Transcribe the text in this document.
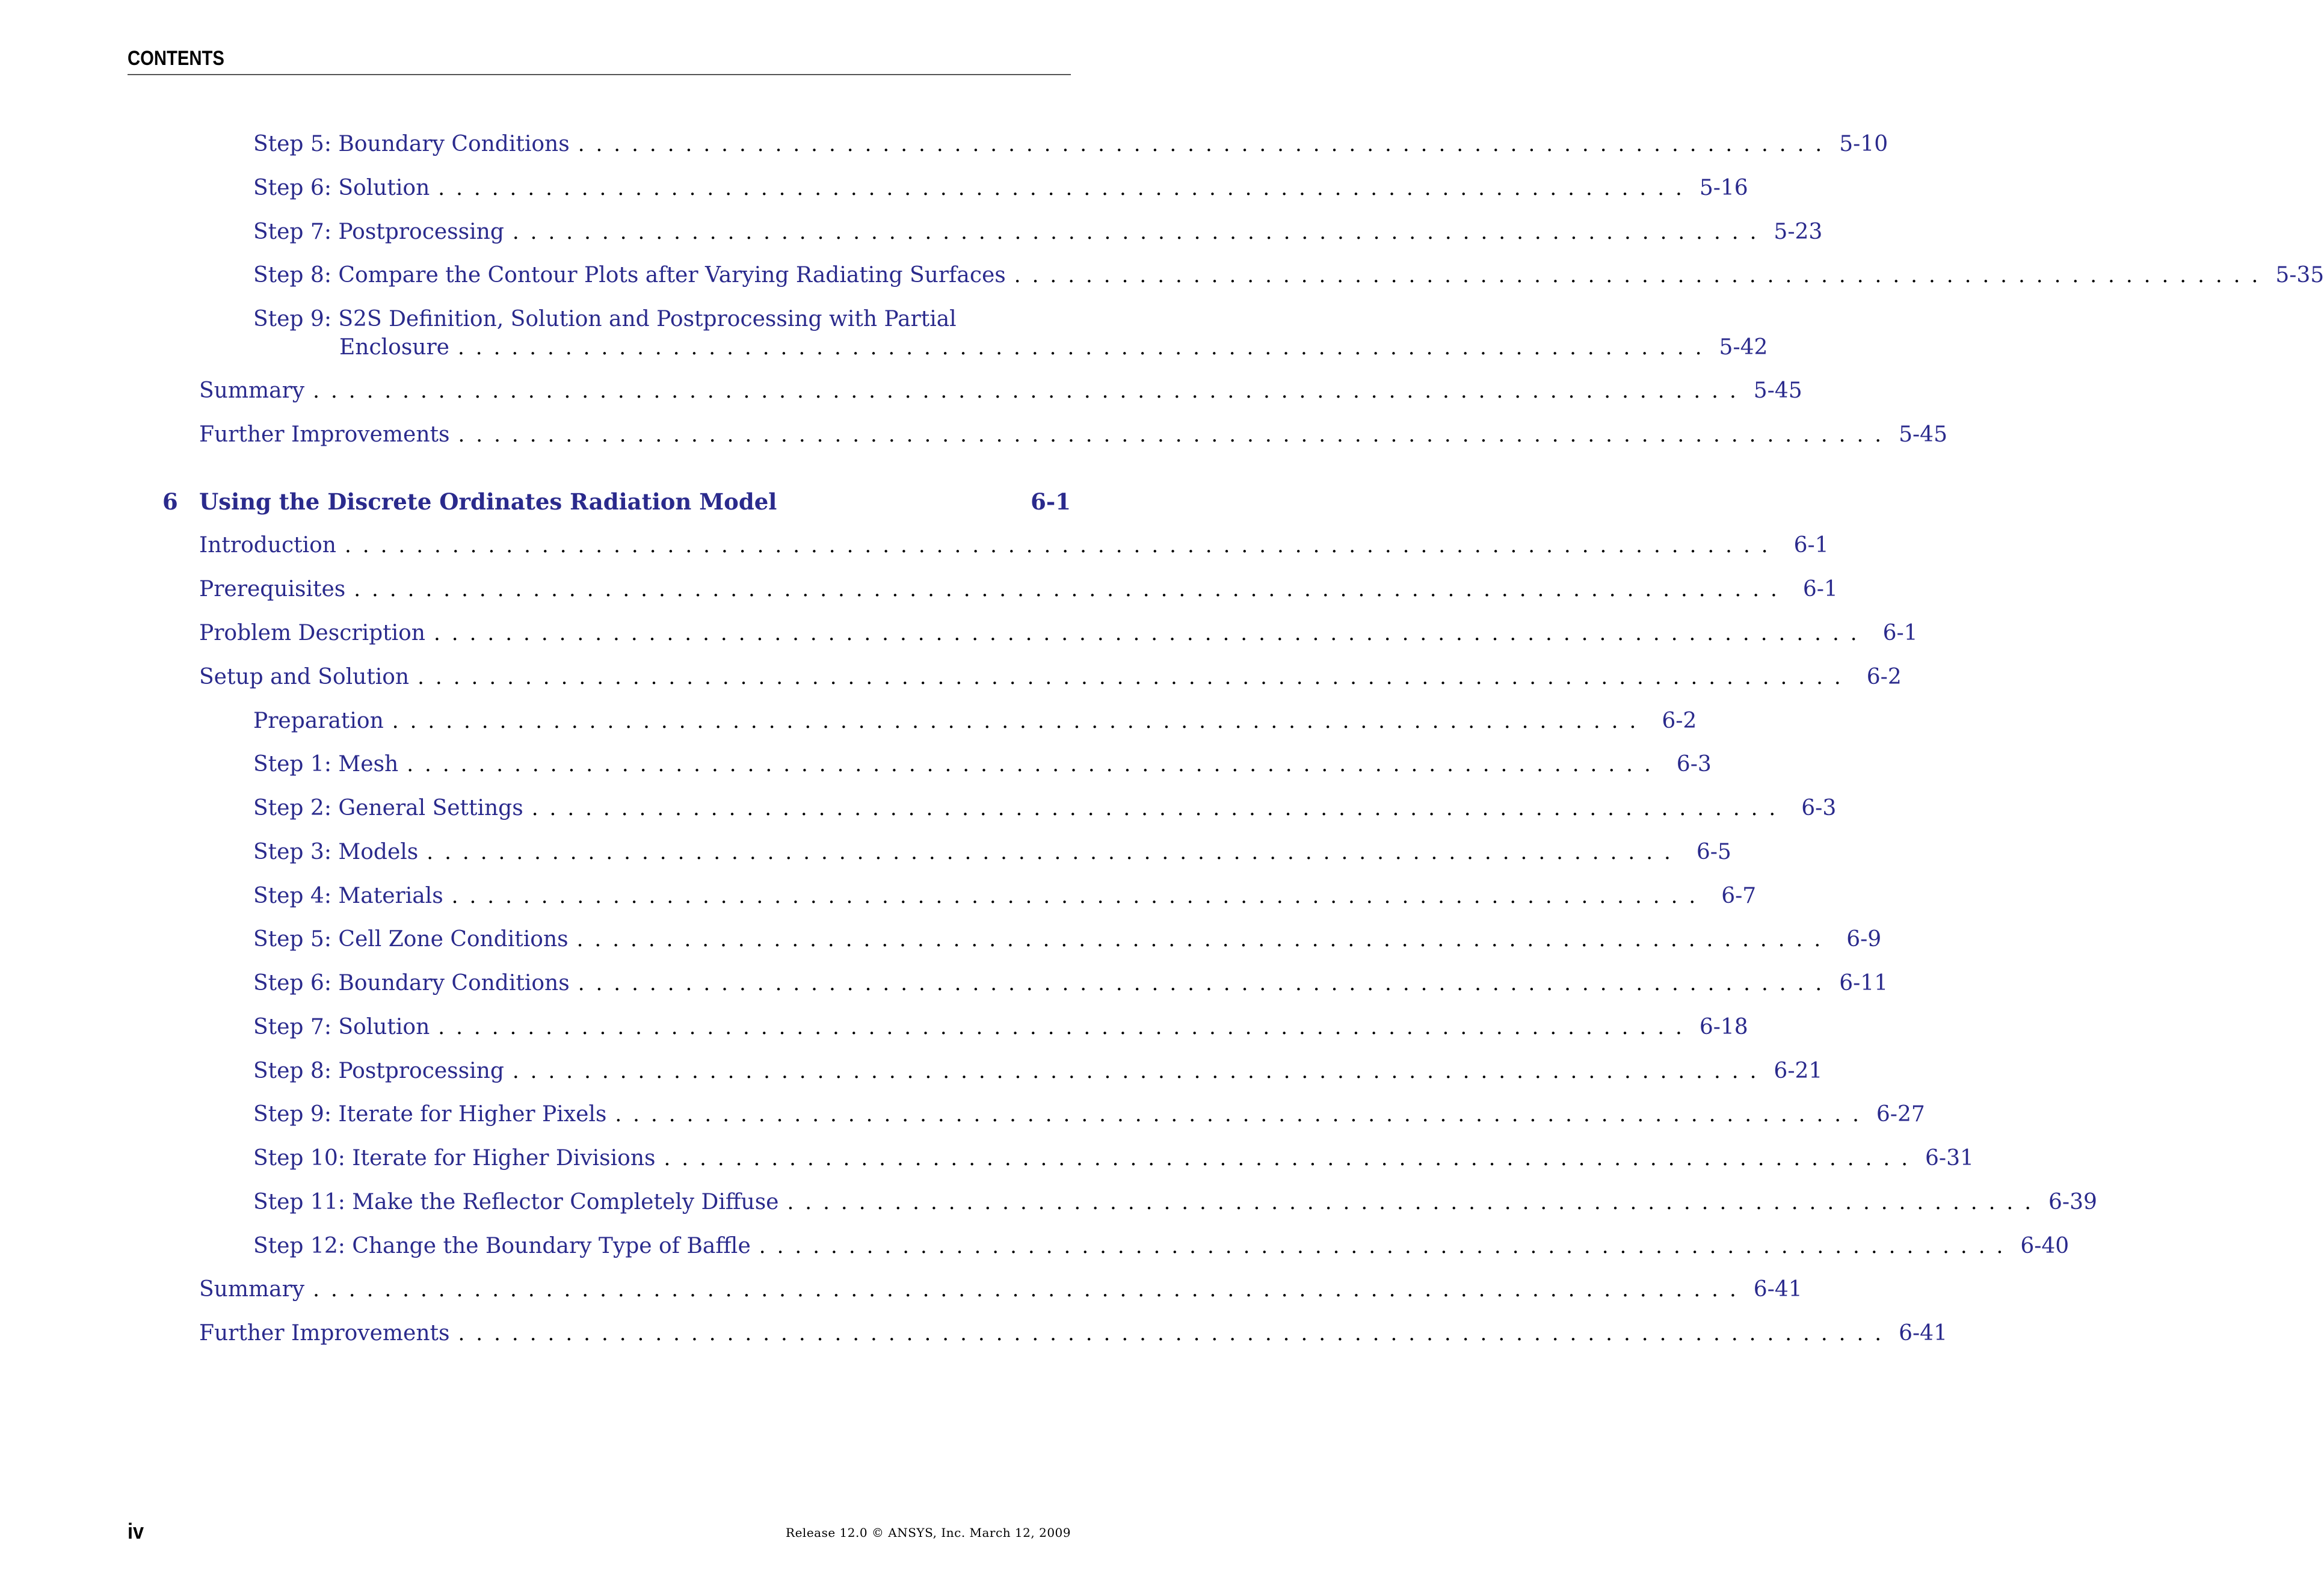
CONTENTS
Step 5: Boundary Conditions ...................................................................... 5-10
Step 6: Solution ...................................................................... 5-16
Step 7: Postprocessing ...................................................................... 5-23
Step 8: Compare the Contour Plots after Varying Radiating Surfaces ...................................................................... 5-35
Step 9: S2S Definition, Solution and Postprocessing with Partial
Enclosure ...................................................................... 5-42
Summary ................................................................................ 5-45
Further Improvements ................................................................................ 5-45
6 Using the Discrete Ordinates Radiation Model	6-1
Introduction ................................................................................ 6-1
Prerequisites ................................................................................ 6-1
Problem Description ................................................................................ 6-1
Setup and Solution ................................................................................ 6-2
Preparation ...................................................................... 6-2
Step 1: Mesh ...................................................................... 6-3
Step 2: General Settings ...................................................................... 6-3
Step 3: Models ...................................................................... 6-5
Step 4: Materials ...................................................................... 6-7
Step 5: Cell Zone Conditions ...................................................................... 6-9
Step 6: Boundary Conditions ...................................................................... 6-11
Step 7: Solution ...................................................................... 6-18
Step 8: Postprocessing ...................................................................... 6-21
Step 9: Iterate for Higher Pixels ...................................................................... 6-27
Step 10: Iterate for Higher Divisions ...................................................................... 6-31
Step 11: Make the Reflector Completely Diffuse ...................................................................... 6-39
Step 12: Change the Boundary Type of Baffle ...................................................................... 6-40
Summary ................................................................................ 6-41
Further Improvements ................................................................................ 6-41
iv	Release 12.0 © ANSYS, Inc. March 12, 2009
